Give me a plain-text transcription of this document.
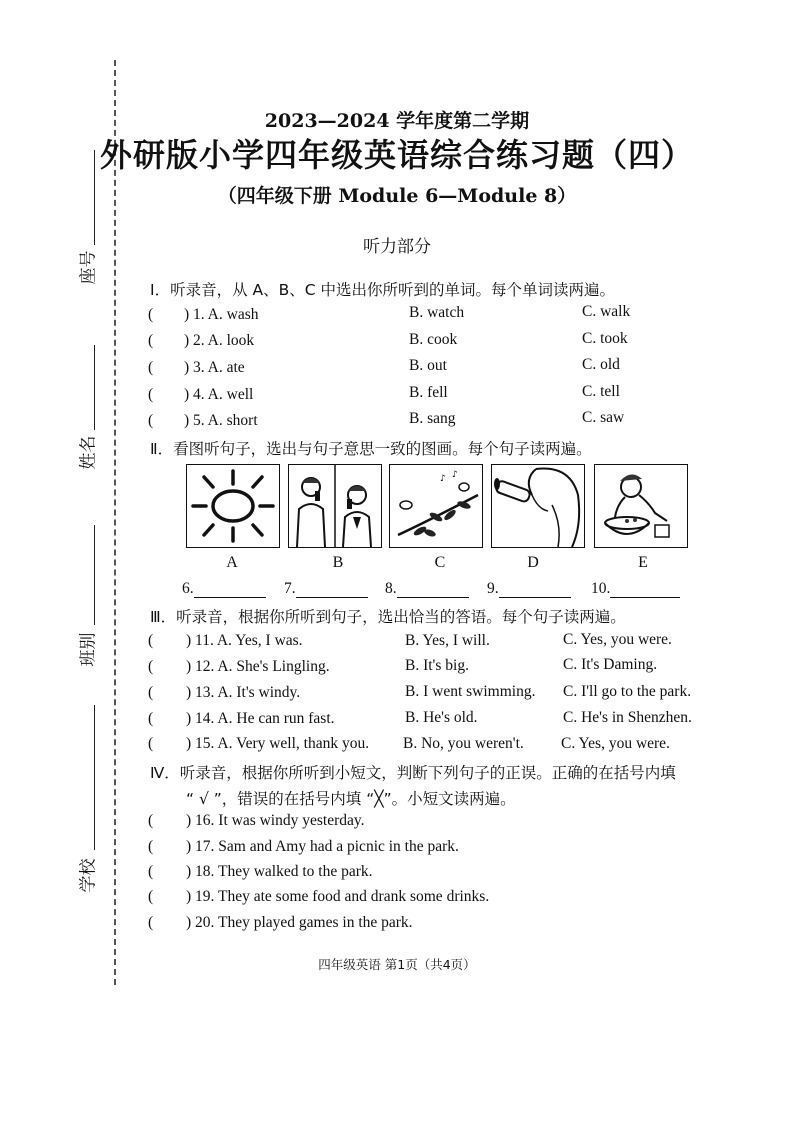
座号
姓名
班别
学校
2023—2024 学年度第二学期
外研版小学四年级英语综合练习题（四）
（四年级下册 Module 6—Module 8）
听力部分
Ⅰ．听录音，从 A、B、C 中选出你所听到的单词。每个单词读两遍。
( ) 1. A. wash	B. watch	C. walk
( ) 2. A. look	B. cook	C. took
( ) 3. A. ate	B. out	C. old
( ) 4. A. well	B. fell	C. tell
( ) 5. A. short	B. sang	C. saw
Ⅱ．看图听句子，选出与句子意思一致的图画。每个句子读两遍。
♪ ♪
A	B	C	D	E
6.	7.	8.	9.	10.
Ⅲ．听录音，根据你所听到句子，选出恰当的答语。每个句子读两遍。
( ) 11. A. Yes, I was.	B. Yes, I will.	C. Yes, you were.
( ) 12. A. She's Lingling.	B. It's big.	C. It's Daming.
( ) 13. A. It's windy.	B. I went swimming. C. I'll go to the park.
( ) 14. A. He can run fast.	B. He's old.	C. He's in Shenzhen.
( ) 15. A. Very well, thank you. B. No, you weren't. C. Yes, you were.
Ⅳ．听录音，根据你所听到小短文，判断下列句子的正误。正确的在括号内填
“ √ ”，错误的在括号内填 “╳”。小短文读两遍。
( ) 16. It was windy yesterday.
( ) 17. Sam and Amy had a picnic in the park.
( ) 18. They walked to the park.
( ) 19. They ate some food and drank some drinks.
( ) 20. They played games in the park.
四年级英语 第1页（共4页）
